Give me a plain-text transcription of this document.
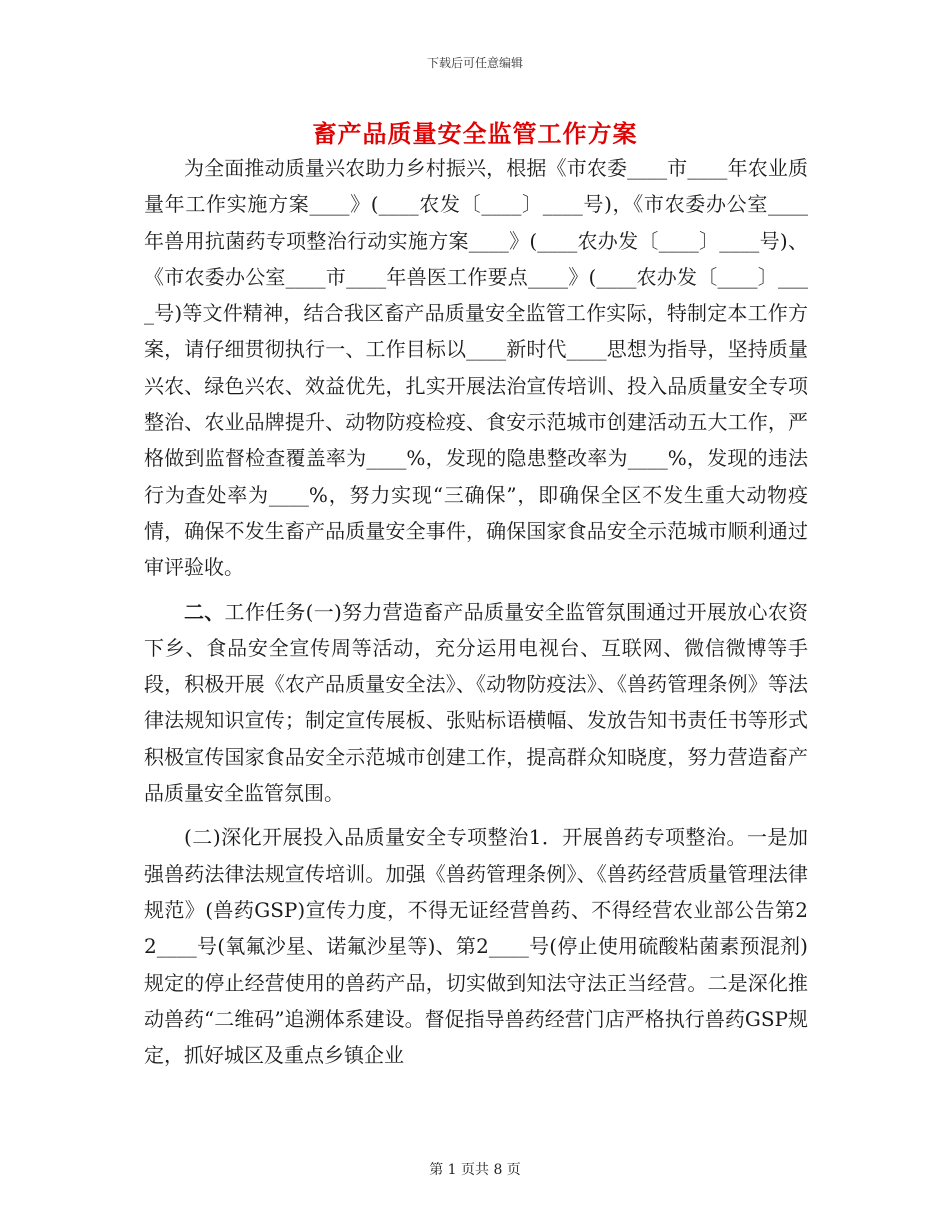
下载后可任意编辑
畜产品质量安全监管工作方案

为全面推动质量兴农助力乡村振兴，根据《市农委____市____年农业质量年工作实施方案____》(____农发〔____〕____号)，《市农委办公室____年兽用抗菌药专项整治行动实施方案____》(____农办发〔____〕____号)、《市农委办公室____市____年兽医工作要点____》(____农办发〔____〕____号)等文件精神，结合我区畜产品质量安全监管工作实际，特制定本工作方案，请仔细贯彻执行一、工作目标以____新时代____思想为指导，坚持质量兴农、绿色兴农、效益优先，扎实开展法治宣传培训、投入品质量安全专项整治、农业品牌提升、动物防疫检疫、食安示范城市创建活动五大工作，严格做到监督检查覆盖率为____%，发现的隐患整改率为____%，发现的违法行为查处率为____%，努力实现“三确保”，即确保全区不发生重大动物疫情，确保不发生畜产品质量安全事件，确保国家食品安全示范城市顺利通过审评验收。

二、工作任务(一)努力营造畜产品质量安全监管氛围通过开展放心农资下乡、食品安全宣传周等活动，充分运用电视台、互联网、微信微博等手段，积极开展《农产品质量安全法》、《动物防疫法》、《兽药管理条例》等法律法规知识宣传；制定宣传展板、张贴标语横幅、发放告知书责任书等形式积极宣传国家食品安全示范城市创建工作，提高群众知晓度，努力营造畜产品质量安全监管氛围。

(二)深化开展投入品质量安全专项整治1．开展兽药专项整治。一是加强兽药法律法规宣传培训。加强《兽药管理条例》、《兽药经营质量管理法律规范》(兽药GSP)宣传力度，不得无证经营兽药、不得经营农业部公告第22____号(氧氟沙星、诺氟沙星等)、第2____号(停止使用硫酸粘菌素预混剂)规定的停止经营使用的兽药产品，切实做到知法守法正当经营。二是深化推动兽药“二维码”追溯体系建设。督促指导兽药经营门店严格执行兽药GSP规定，抓好城区及重点乡镇企业

第 1 页共 8 页
